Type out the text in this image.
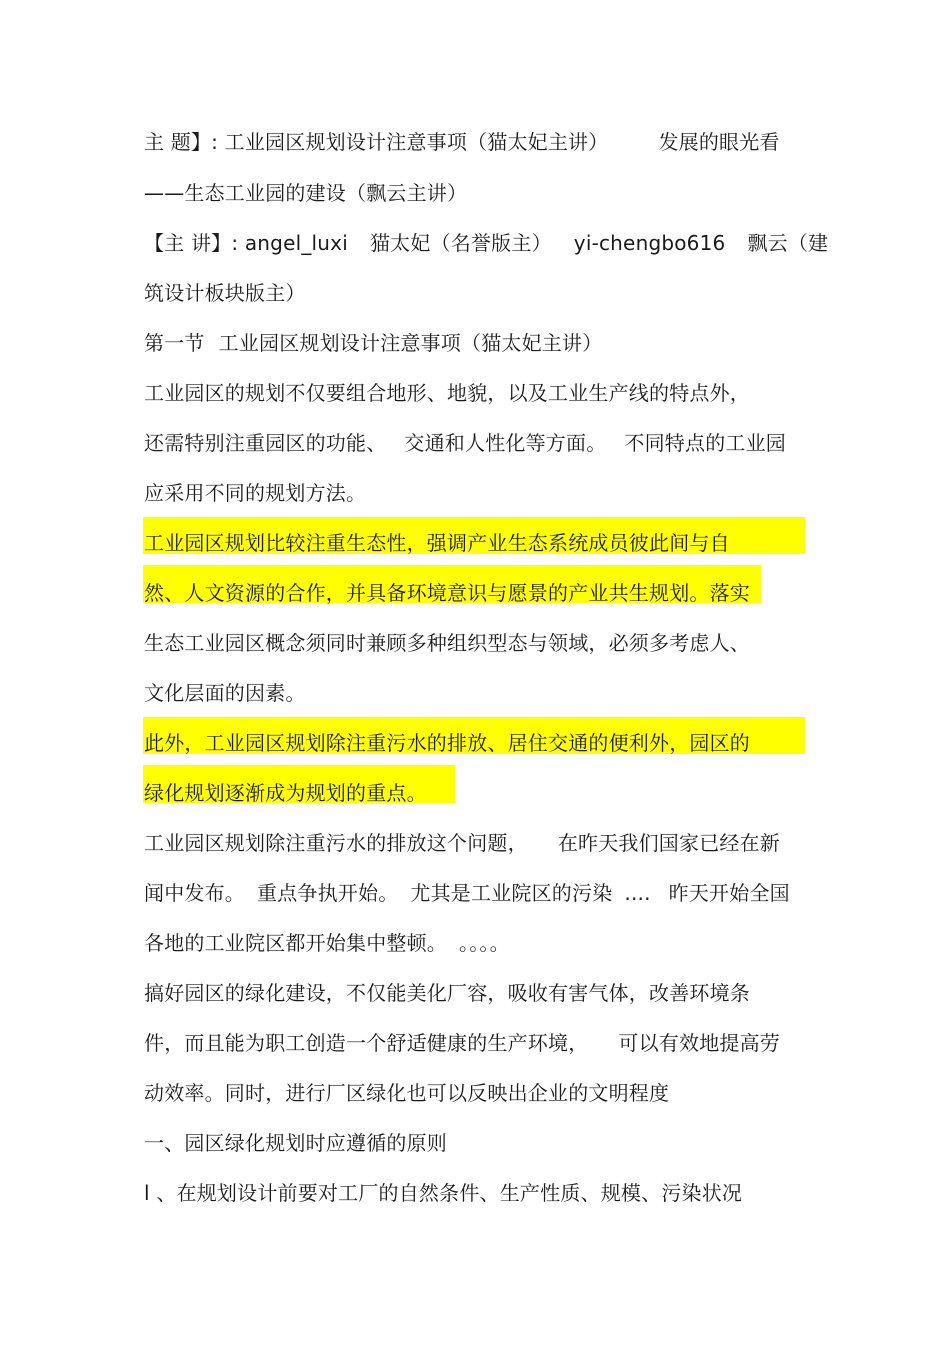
主 题】: 工业园区规划设计注意事项（猫太妃主讲）	发展的眼光看
——生态工业园的建设（飘云主讲）
【主 讲】: angel_luxi 猫太妃（名誉版主） yi-chengbo616 飘云（建
筑设计板块版主）
第一节 工业园区规划设计注意事项（猫太妃主讲）
工业园区的规划不仅要组合地形、地貌，以及工业生产线的特点外，
还需特别注重园区的功能、 交通和人性化等方面。 不同特点的工业园
应采用不同的规划方法。
工业园区规划比较注重生态性，强调产业生态系统成员彼此间与自
然、人文资源的合作，并具备环境意识与愿景的产业共生规划。落实
生态工业园区概念须同时兼顾多种组织型态与领域，必须多考虑人、
文化层面的因素。
此外，工业园区规划除注重污水的排放、居住交通的便利外，园区的
绿化规划逐渐成为规划的重点。
工业园区规划除注重污水的排放这个问题， 在昨天我们国家已经在新
闻中发布。 重点争执开始。 尤其是工业院区的污染 .... 昨天开始全国
各地的工业院区都开始集中整顿。 。。。。
搞好园区的绿化建设，不仅能美化厂容，吸收有害气体，改善环境条
件，而且能为职工创造一个舒适健康的生产环境， 可以有效地提高劳
动效率。同时，进行厂区绿化也可以反映出企业的文明程度
一、园区绿化规划时应遵循的原则
l 、在规划设计前要对工厂的自然条件、生产性质、规模、污染状况
